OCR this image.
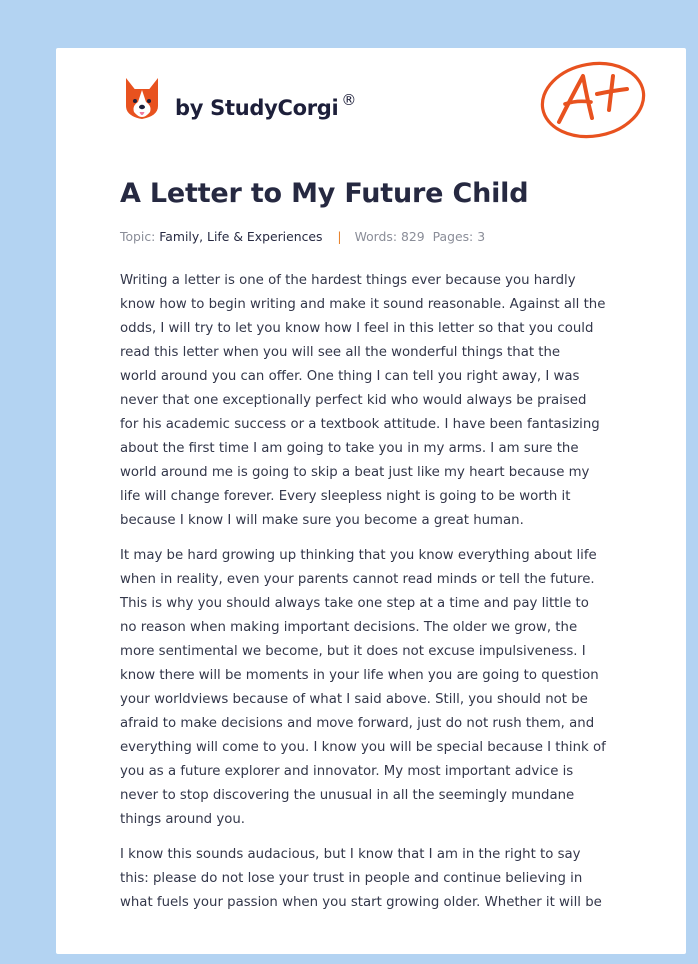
by StudyCorgi ®
A Letter to My Future Child
Topic: Family, Life & Experiences | Words: 829 Pages: 3

Writing a letter is one of the hardest things ever because you hardly
know how to begin writing and make it sound reasonable. Against all the
odds, I will try to let you know how I feel in this letter so that you could
read this letter when you will see all the wonderful things that the
world around you can offer. One thing I can tell you right away, I was
never that one exceptionally perfect kid who would always be praised
for his academic success or a textbook attitude. I have been fantasizing
about the first time I am going to take you in my arms. I am sure the
world around me is going to skip a beat just like my heart because my
life will change forever. Every sleepless night is going to be worth it
because I know I will make sure you become a great human.

It may be hard growing up thinking that you know everything about life
when in reality, even your parents cannot read minds or tell the future.
This is why you should always take one step at a time and pay little to
no reason when making important decisions. The older we grow, the
more sentimental we become, but it does not excuse impulsiveness. I
know there will be moments in your life when you are going to question
your worldviews because of what I said above. Still, you should not be
afraid to make decisions and move forward, just do not rush them, and
everything will come to you. I know you will be special because I think of
you as a future explorer and innovator. My most important advice is
never to stop discovering the unusual in all the seemingly mundane
things around you.

I know this sounds audacious, but I know that I am in the right to say
this: please do not lose your trust in people and continue believing in
what fuels your passion when you start growing older. Whether it will be
